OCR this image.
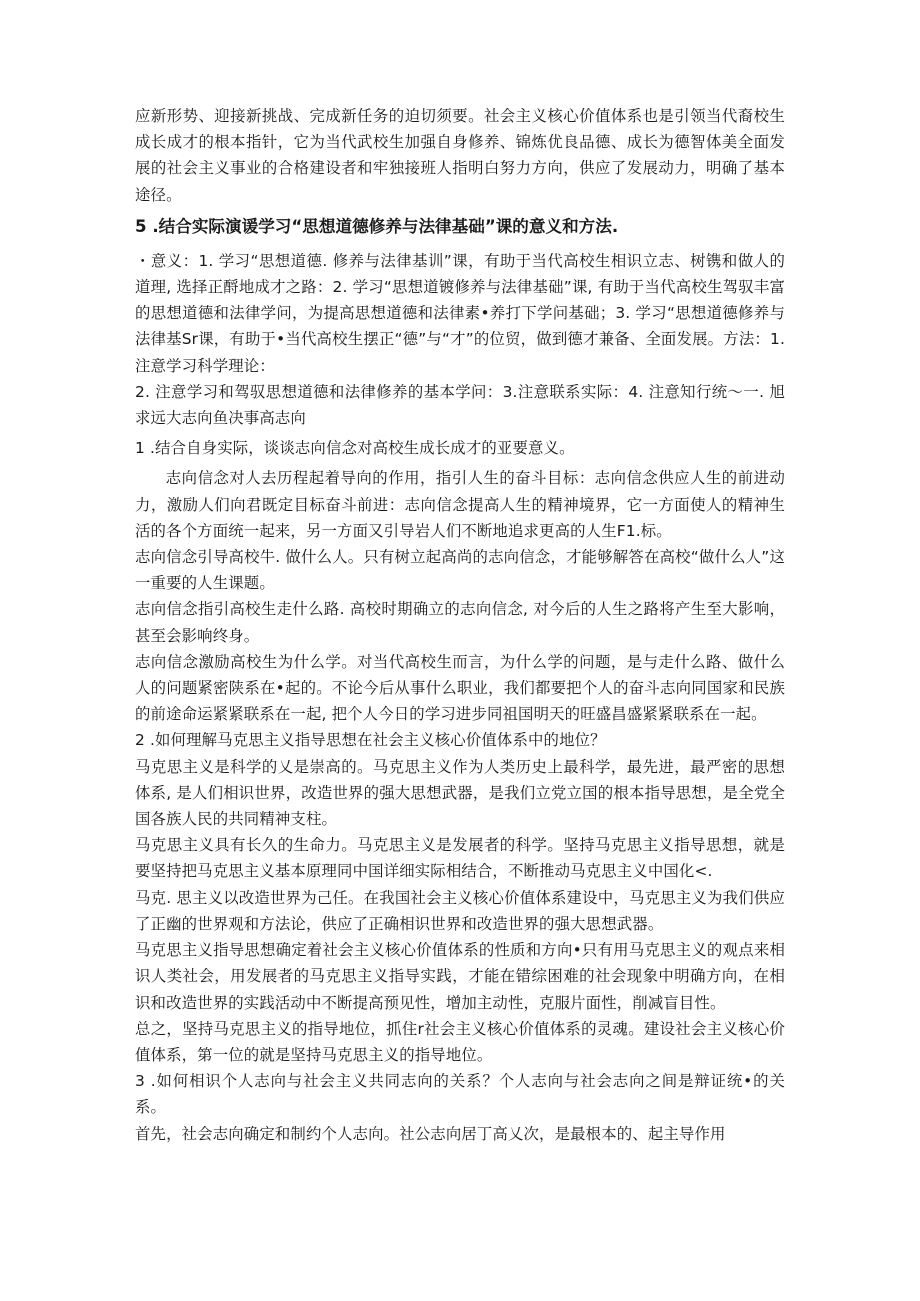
应新形势、迎接新挑战、完成新任务的迫切须要。社会主义核心价值体系也是引领当代裔校生成长成才的根本指针，它为当代武校生加强自身修养、锦炼优良品德、成长为德智体美全面发展的社会主义事业的合格建设者和牢独接班人指明白努力方向，供应了发展动力，明确了基本途径。

5 .结合实际演谖学习“思想道德修养与法律基础”课的意义和方法.

・意义：1. 学习“思想道德. 修养与法律基训”课，有助于当代高校生相识立志、树镌和做人的道理, 选择正酹地成才之路：2. 学习“思想道镀修养与法律基础”课, 有助于当代高校生驾驭丰富的思想道德和法律学问，为提高思想道德和法律素•养打下学问基础；3. 学习“思想道德修养与法律基Sr课，有助于•当代高校生摆正“德”与“才”的位贸，做到德才兼备、全面发展。方法：1. 注意学习科学理论：

2. 注意学习和驾驭思想道德和法律修养的基本学问：3.注意联系实际：4. 注意知行统〜一. 旭求远大志向鱼决事高志向

1 .结合自身实际，谈谈志向信念对高校生成长成才的亚要意义。

志向信念对人去历程起着导向的作用，指引人生的奋斗目标：志向信念供应人生的前进动力，激励人们向君既定目标奋斗前进：志向信念提高人生的精神境界，它一方面使人的精神生活的各个方面统一起来，另一方面又引导岩人们不断地追求更高的人生F1.标。

志向信念引导高校牛. 做什么人。只有树立起高尚的志向信念，才能够解答在高校“做什么人”这一重要的人生课题。

志向信念指引高校生走什么路. 高校时期确立的志向信念, 对今后的人生之路将产生至大影响，甚至会影响终身。

志向信念激励高校生为什么学。对当代高校生而言，为什么学的问题，是与走什么路、做什么人的问题紧密陕系在•起的。不论今后从事什么职业，我们都要把个人的奋斗志向同国家和民族的前途命运紧紧联系在一起, 把个人今日的学习进步同祖国明天的旺盛昌盛紧紧联系在一起。

2 .如何理解马克思主义指导思想在社会主义核心价值体系中的地位？

马克思主义是科学的乂是崇高的。马克思主义作为人类历史上最科学，最先进，最严密的思想体系, 是人们相识世界，改造世界的强大思想武器，是我们立党立国的根本指导思想，是全党全国各族人民的共同精神支柱。

马克思主义具有长久的生命力。马克思主义是发展者的科学。坚持马克思主义指导思想，就是要坚持把马克思主义基本原理同中国详细实际相结合，不断推动马克思主义中国化<.

马克. 思主义以改造世界为己任。在我国社会主义核心价值体系建设中，马克思主义为我们供应了正幽的世界观和方法论，供应了正确相识世界和改造世界的强大思想武器。

马克思主义指导思想确定着社会主义核心价值体系的性质和方向•只有用马克思主义的观点来相识人类社会，用发展者的马克思主义指导实践，才能在错综困难的社会现象中明确方向，在相识和改造世界的实践活动中不断提高预见性，增加主动性，克服片面性，削减盲目性。

总之，坚持马克思主义的指导地位，抓住r社会主义核心价值体系的灵魂。建设社会主义核心价值体系，第一位的就是坚持马克思主义的指导地位。

3 .如何相识个人志向与社会主义共同志向的关系？个人志向与社会志向之间是辩证统•的关系。

首先，社会志向确定和制约个人志向。社公志向居丁高乂次，是最根本的、起主导作用
